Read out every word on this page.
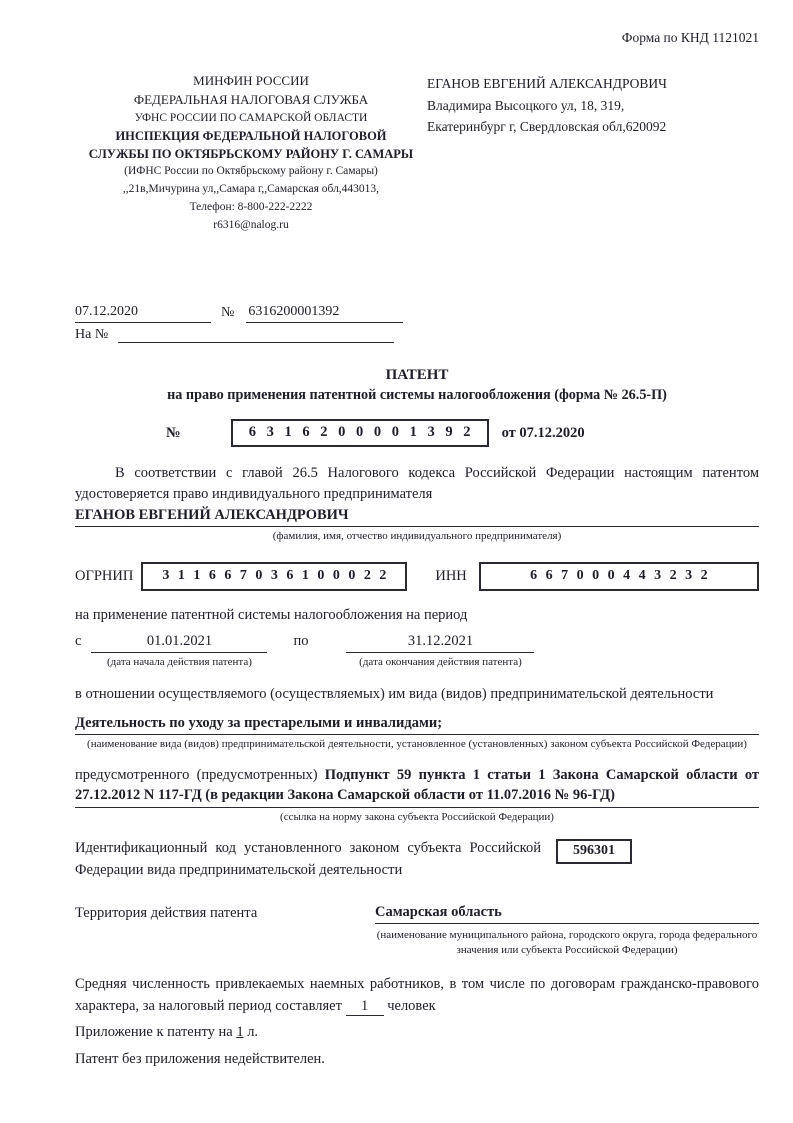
Форма по КНД 1121021
МИНФИН РОССИИ
ФЕДЕРАЛЬНАЯ НАЛОГОВАЯ СЛУЖБА
УФНС РОССИИ ПО САМАРСКОЙ ОБЛАСТИ
ИНСПЕКЦИЯ ФЕДЕРАЛЬНОЙ НАЛОГОВОЙ
СЛУЖБЫ ПО ОКТЯБРЬСКОМУ РАЙОНУ Г. САМАРЫ
(ИФНС России по Октябрьскому району г. Самары)
,,21в,Мичурина ул,,Самара г,,Самарская обл,443013,
Телефон: 8-800-222-2222
r6316@nalog.ru
ЕГАНОВ ЕВГЕНИЙ АЛЕКСАНДРОВИЧ
Владимира Высоцкого ул, 18, 319,
Екатеринбург г, Свердловская обл,620092
07.12.2020	№ 6316200001392
На №
ПАТЕНТ
на право применения патентной системы налогообложения (форма № 26.5-П)
№	6 3 1 6 2 0 0 0 0 1 3 9 2	от 07.12.2020

В соответствии с главой 26.5 Налогового кодекса Российской Федерации настоящим патентом удостоверяется право индивидуального предпринимателя

ЕГАНОВ ЕВГЕНИЙ АЛЕКСАНДРОВИЧ
(фамилия, имя, отчество индивидуального предпринимателя)
ОГРНИП	3 1 1 6 6 7 0 3 6 1 0 0 0 2 2	ИНН	6 6 7 0 0 0 4 4 3 2 3 2

на применение патентной системы налогообложения на период

с	01.01.2021
(дата начала действия патента)
по	31.12.2021
(дата окончания действия патента)

в отношении осуществляемого (осуществляемых) им вида (видов) предпринимательской деятельности

Деятельность по уходу за престарелыми и инвалидами;
(наименование вида (видов) предпринимательской деятельности, установленное (установленных) законом субъекта Российской Федерации)

предусмотренного (предусмотренных) Подпункт 59 пункта 1 статьи 1 Закона Самарской области от 27.12.2012 N 117-ГД (в редакции Закона Самарской области от 11.07.2016 № 96-ГД)

(ссылка на норму закона субъекта Российской Федерации)

Идентификационный код установленного законом субъекта Российской Федерации вида предпринимательской деятельности

596301
Территория действия патента	Самарская область
(наименование муниципального района, городского округа, города федерального значения или субъекта Российской Федерации)

Средняя численность привлекаемых наемных работников, в том числе по договорам гражданско-правового характера, за налоговый период составляет 1 человек

Приложение к патенту на 1 л.

Патент без приложения недействителен.
